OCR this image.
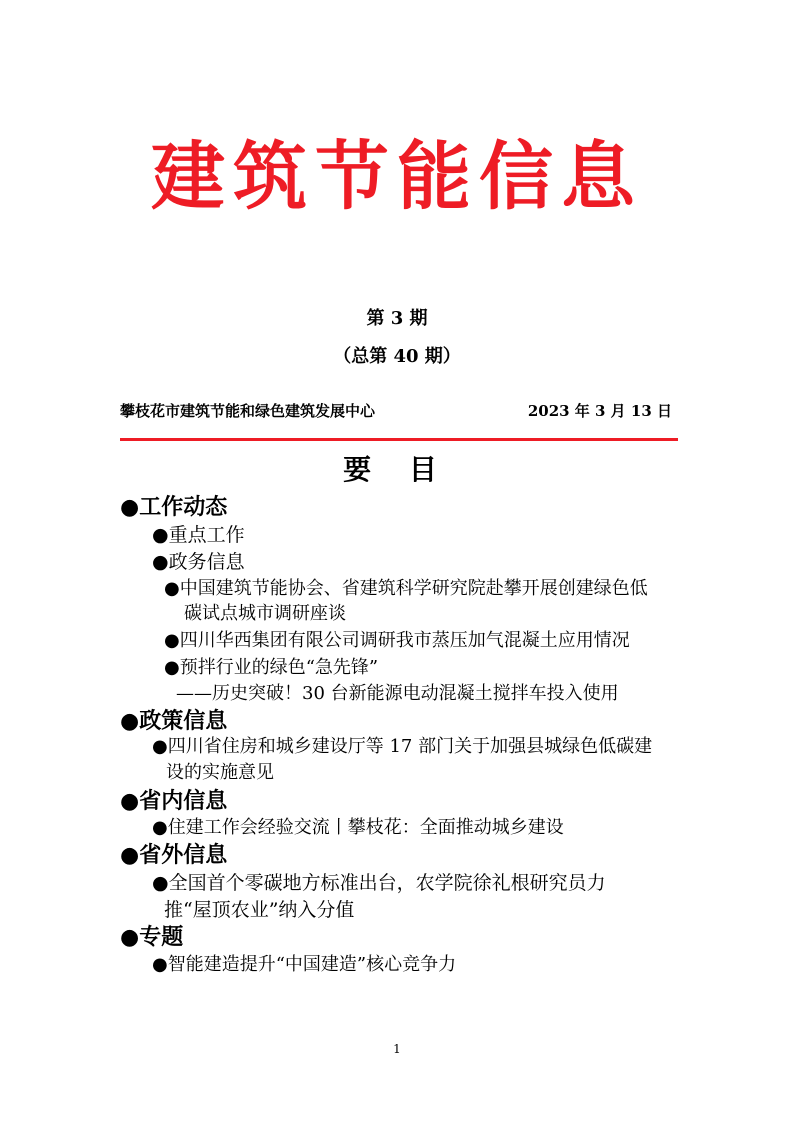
建筑节能信息
第 3 期
（总第 40 期）
攀枝花市建筑节能和绿色建筑发展中心	2023 年 3 月 13 日
要 目
●工作动态
●重点工作
●政务信息
●中国建筑节能协会、省建筑科学研究院赴攀开展创建绿色低
碳试点城市调研座谈
●四川华西集团有限公司调研我市蒸压加气混凝土应用情况
●预拌行业的绿色“急先锋”
——历史突破！30 台新能源电动混凝土搅拌车投入使用
●政策信息
●四川省住房和城乡建设厅等 17 部门关于加强县城绿色低碳建
设的实施意见
●省内信息
●住建工作会经验交流丨攀枝花：全面推动城乡建设
●省外信息
●全国首个零碳地方标准出台，农学院徐礼根研究员力
推“屋顶农业”纳入分值
●专题
●智能建造提升“中国建造”核心竞争力
1
